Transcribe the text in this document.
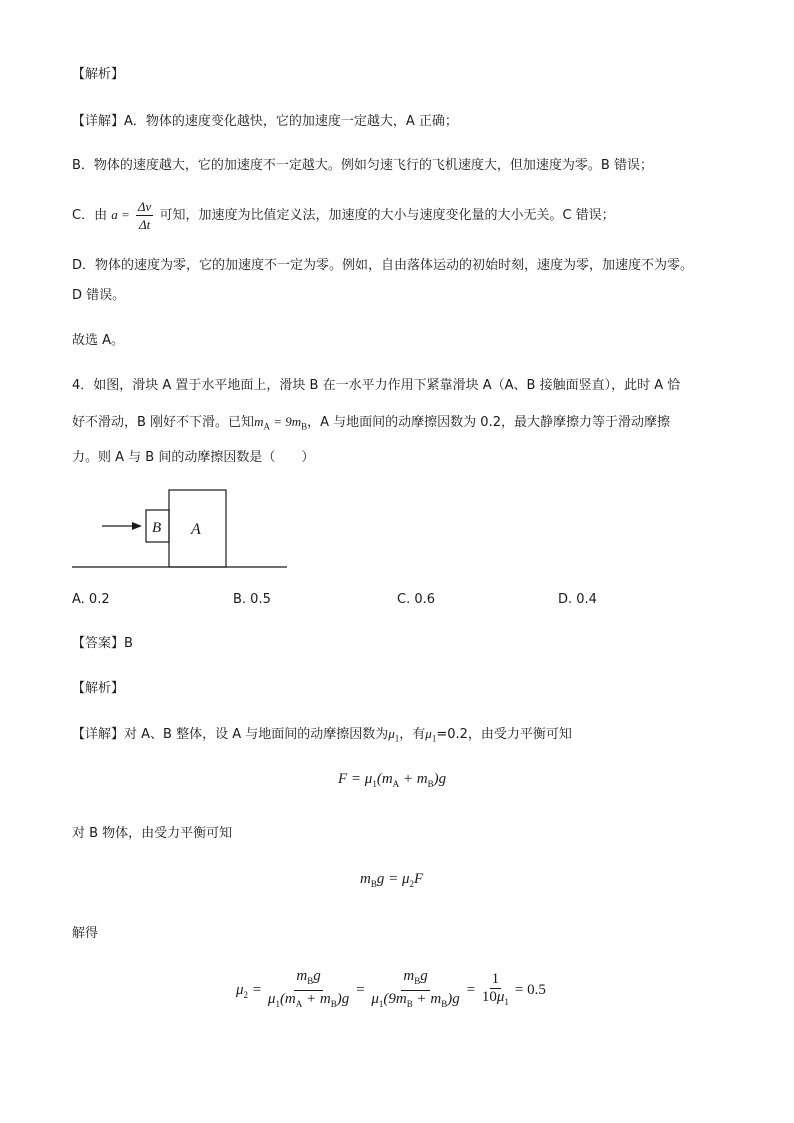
【解析】
【详解】A．物体的速度变化越快，它的加速度一定越大，A 正确；
B．物体的速度越大，它的加速度不一定越大。例如匀速飞行的飞机速度大，但加速度为零。B 错误；
C．由 $a = \frac{\Delta v}{\Delta t}$ 可知，加速度为比值定义法，加速度的大小与速度变化量的大小无关。C 错误；
D．物体的速度为零，它的加速度不一定为零。例如，自由落体运动的初始时刻，速度为零，加速度不为零。
D 错误。
故选 A。
4．如图，滑块 A 置于水平地面上，滑块 B 在一水平力作用下紧靠滑块 A（A、B 接触面竖直），此时 A 恰
好不滑动，B 刚好不下滑。已知$m_A = 9m_B$，A 与地面间的动摩擦因数为 0.2，最大静摩擦力等于滑动摩擦
力。则 A 与 B 间的动摩擦因数是（　　）
A
B
A. 0.2	B. 0.5	C. 0.6	D. 0.4
【答案】B
【解析】
【详解】对 A、B 整体，设 A 与地面间的动摩擦因数为$\mu_1$，有$\mu_1=0.2$，由受力平衡可知
$F = \mu_1(m_A + m_B)g$
对 B 物体，由受力平衡可知
$m_Bg = \mu_2F$
解得
$\mu_2 = \frac{m_Bg}{\mu_1(m_A + m_B)g} = \frac{m_Bg}{\mu_1(9m_B + m_B)g} = \frac{1}{10\mu_1} = 0.5$
